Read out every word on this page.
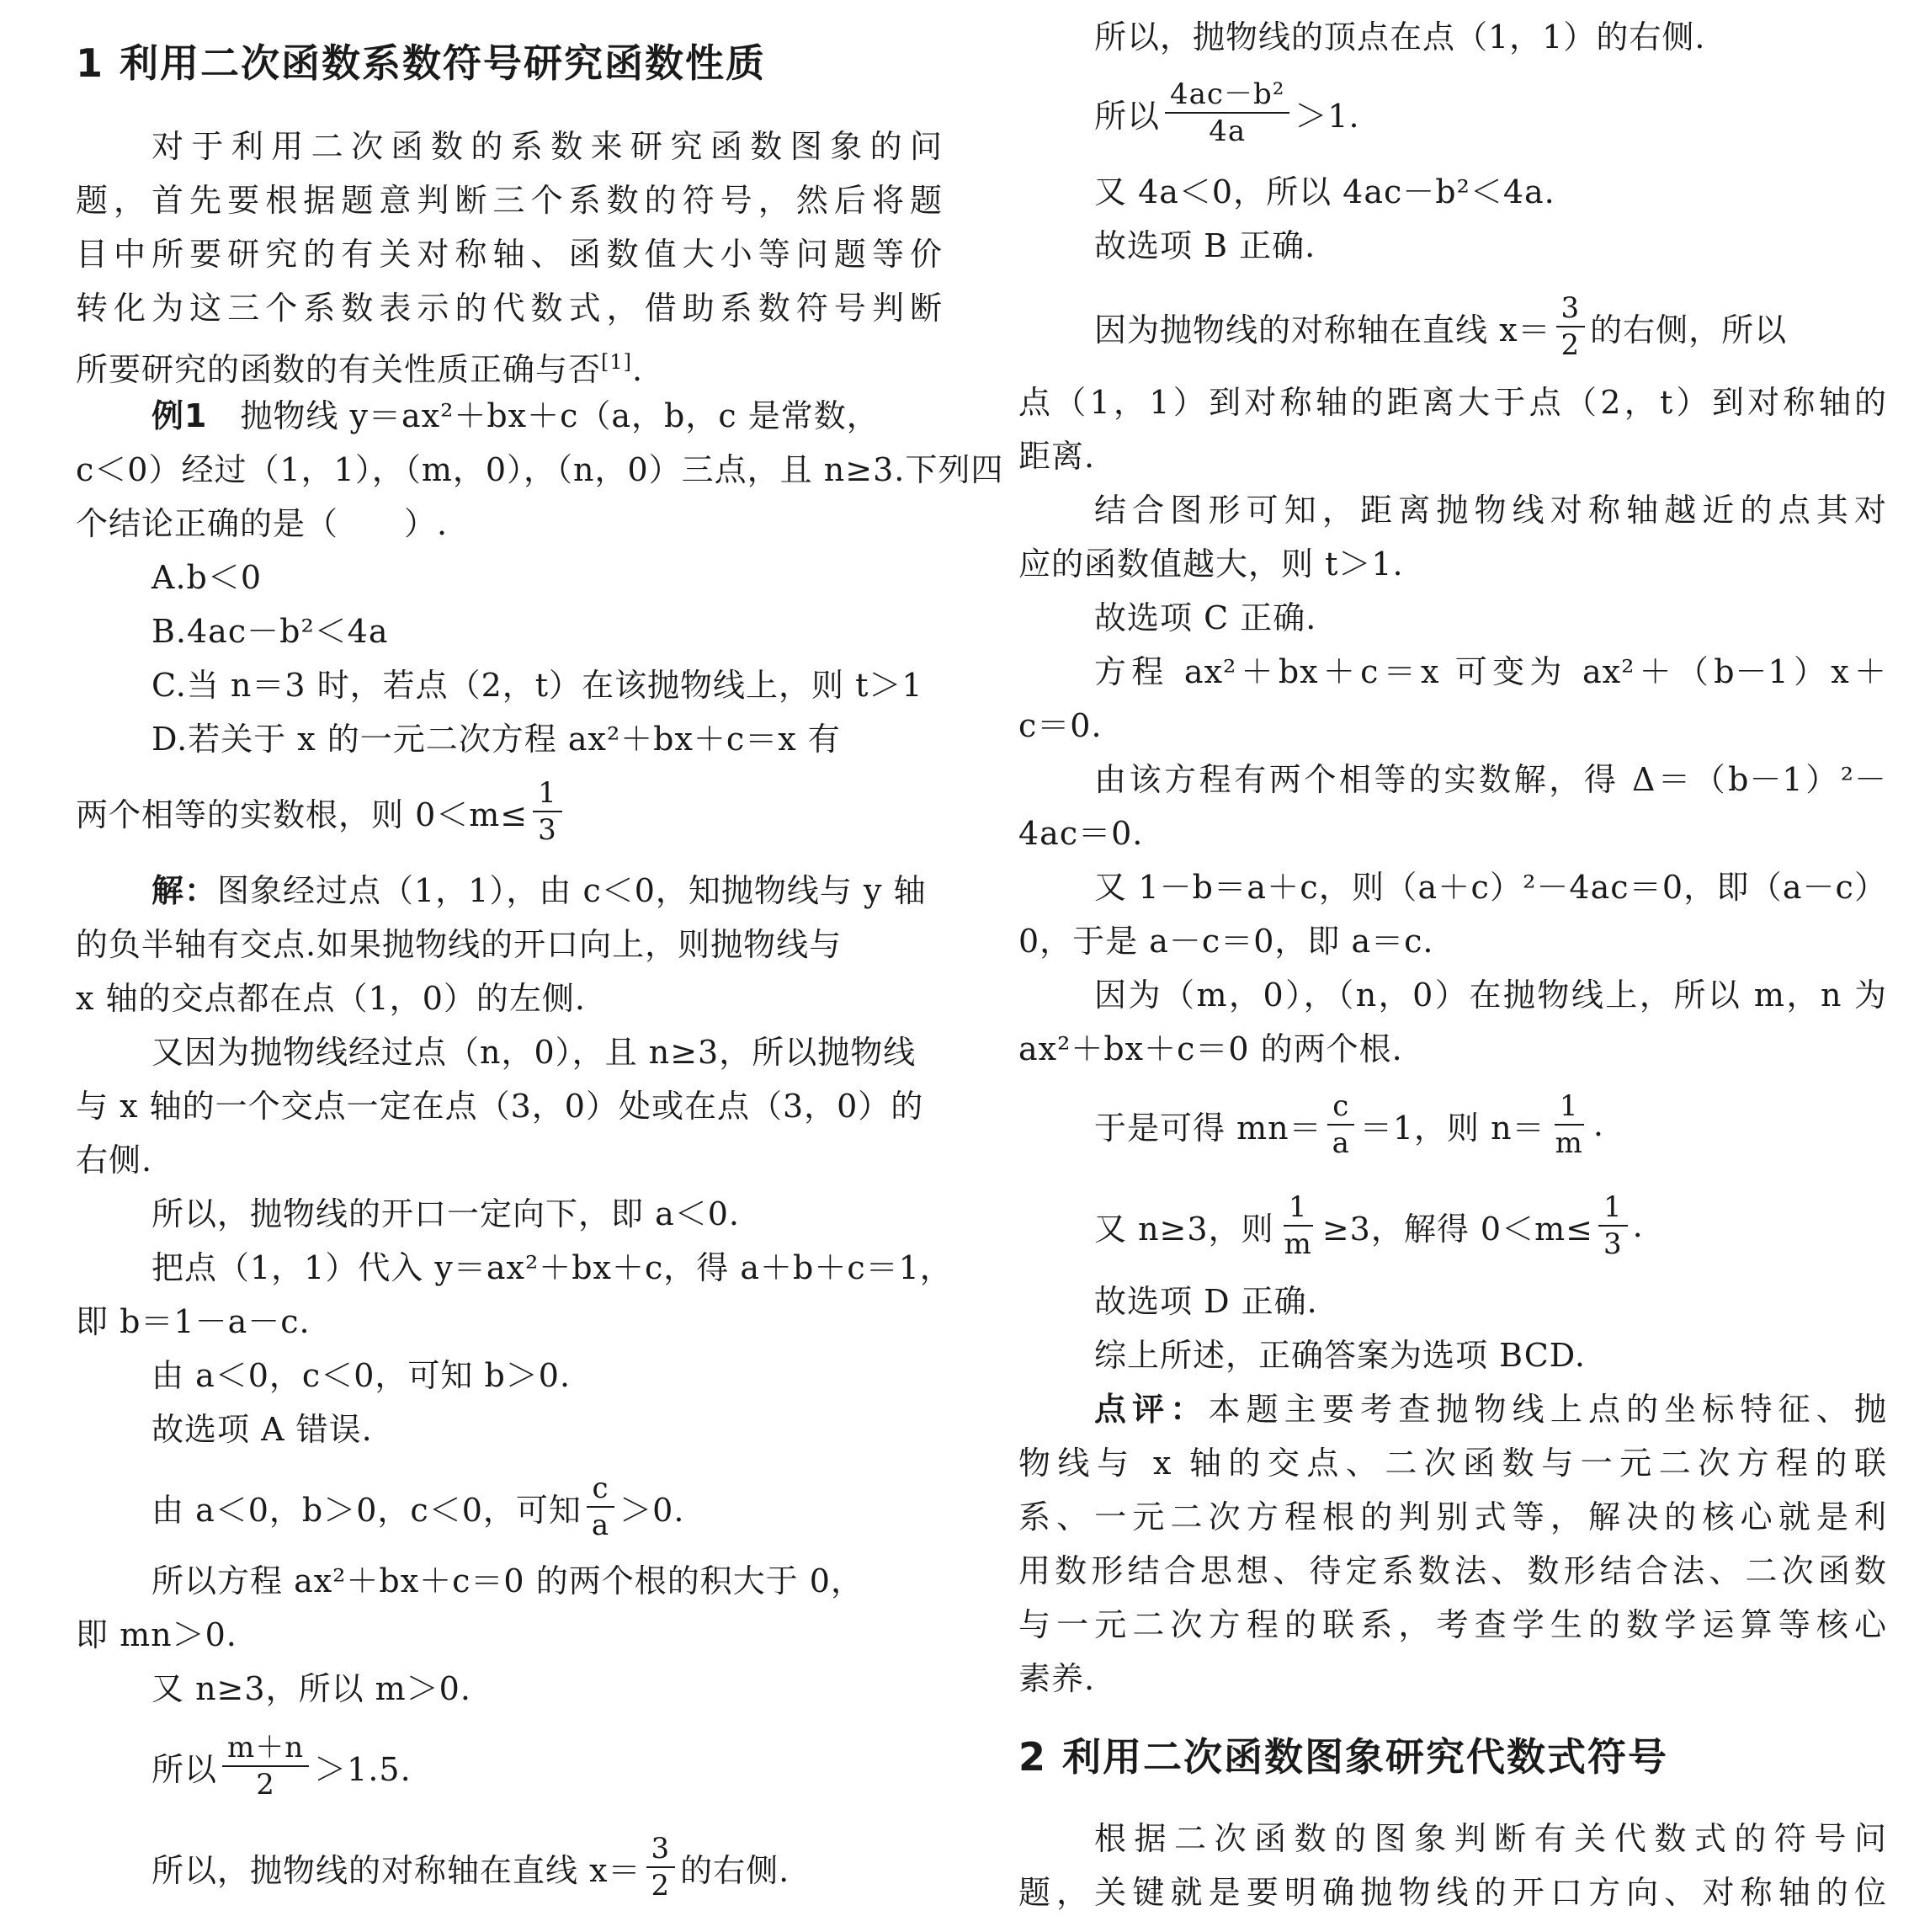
1 利用二次函数系数符号研究函数性质
对于利用二次函数的系数来研究函数图象的问
题，首先要根据题意判断三个系数的符号，然后将题
目中所要研究的有关对称轴、函数值大小等问题等价
转化为这三个系数表示的代数式，借助系数符号判断
所要研究的函数的有关性质正确与否[1].
例1　 抛物线 y＝ax²＋bx＋c（a，b，c 是常数，
c＜0）经过（1，1），（m，0），（n，0）三点，且 n≥3.下列四
个结论正确的是（　　）.
A.b＜0
B.4ac－b²＜4a
C.当 n＝3 时，若点（2，t）在该抛物线上，则 t＞1
D.若关于 x 的一元二次方程 ax²＋bx＋c＝x 有
两个相等的实数根，则 $0<m\le \frac{1}{3}$
解：图象经过点（1，1），由 c＜0，知抛物线与 y 轴
的负半轴有交点.如果抛物线的开口向上，则抛物线与
x 轴的交点都在点（1，0）的左侧.
又因为抛物线经过点（n，0），且 n≥3，所以抛物线
与 x 轴的一个交点一定在点（3，0）处或在点（3，0）的
右侧.
所以，抛物线的开口一定向下，即 a＜0.
把点（1，1）代入 y＝ax²＋bx＋c，得 a＋b＋c＝1，
即 b＝1－a－c.
由 a＜0，c＜0，可知 b＞0.
故选项 A 错误.
由 a＜0，b＞0，c＜0，可知 $\frac{c}{a} >0$.
所以方程 ax²＋bx＋c＝0 的两个根的积大于 0，
即 mn＞0.
又 n≥3，所以 m＞0.
所以 $\frac{m+n}{2} >1.5$.
所以，抛物线的对称轴在直线 $x= \frac{3}{2}$ 的右侧.
所以，抛物线的顶点在点（1，1）的右侧.
所以 $\frac{\text{4ac－b²}}{4a} >1$.
又 4a＜0，所以 4ac－b²＜4a.
故选项 B 正确.
因为抛物线的对称轴在直线 $x= \frac{3}{2}$ 的右侧，所以
点（1，1）到对称轴的距离大于点（2，t）到对称轴的
距离.
结合图形可知，距离抛物线对称轴越近的点其对
应的函数值越大，则 t＞1.
故选项 C 正确.
方程 ax²＋bx＋c＝x 可变为 ax²＋（b－1）x＋
c＝0.
由该方程有两个相等的实数解，得 Δ＝（b－1）²－
4ac＝0.
又 1－b＝a＋c，则（a＋c）²－4ac＝0，即（a－c）
0，于是 a－c＝0，即 a＝c.
因为（m，0），（n，0）在抛物线上，所以 m，n 为
ax²＋bx＋c＝0 的两个根.
于是可得 $mn= \frac{c}{a} =1$，则 $n= \frac{1}{m}$ .
又 n≥3，则 $\frac{1}{m} \ge 3$，解得 $0<m\le \frac{1}{3}$ .
故选项 D 正确.
综上所述，正确答案为选项 BCD.
点评：本题主要考查抛物线上点的坐标特征、抛
物线与 x 轴的交点、二次函数与一元二次方程的联
系、一元二次方程根的判别式等，解决的核心就是利
用数形结合思想、待定系数法、数形结合法、二次函数
与一元二次方程的联系，考查学生的数学运算等核心
素养.
2 利用二次函数图象研究代数式符号
根据二次函数的图象判断有关代数式的符号问
题，关键就是要明确抛物线的开口方向、对称轴的位
